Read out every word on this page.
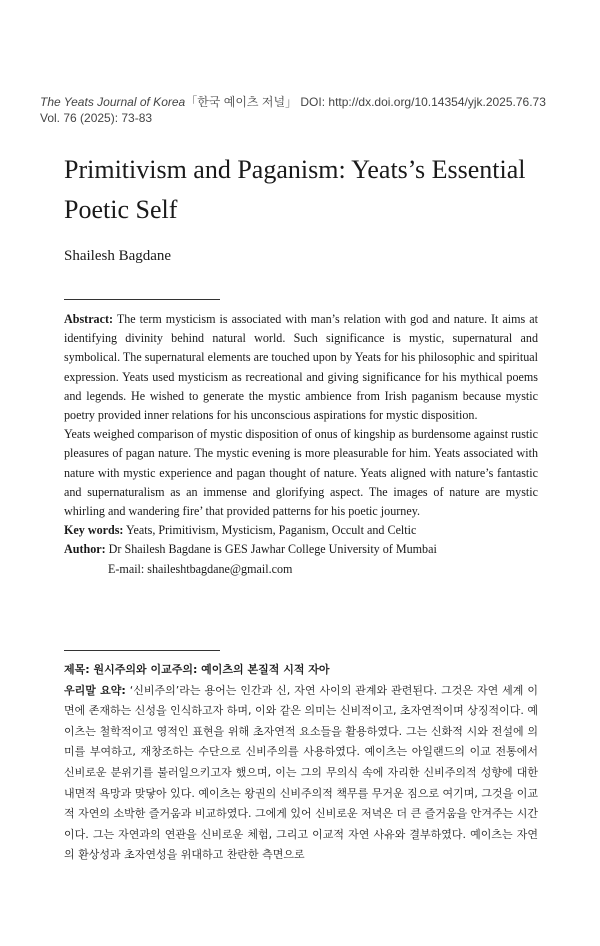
The Yeats Journal of Korea「한국 예이츠 저널」 DOI: http://dx.doi.org/10.14354/yjk.2025.76.73
Vol. 76 (2025): 73-83
Primitivism and Paganism: Yeats’s Essential Poetic Self
Shailesh Bagdane

Abstract: The term mysticism is associated with man’s relation with god and nature. It aims at identifying divinity behind natural world. Such significance is mystic, supernatural and symbolical. The supernatural elements are touched upon by Yeats for his philosophic and spiritual expression. Yeats used mysticism as recreational and giving significance for his mythical poems and legends. He wished to generate the mystic ambience from Irish paganism because mystic poetry provided inner relations for his unconscious aspirations for mystic disposition.

Yeats weighed comparison of mystic disposition of onus of kingship as burdensome against rustic pleasures of pagan nature. The mystic evening is more pleasurable for him. Yeats associated with nature with mystic experience and pagan thought of nature. Yeats aligned with nature’s fantastic and supernaturalism as an immense and glorifying aspect. The images of nature are mystic whirling and wandering fire’ that provided patterns for his poetic journey.

Key words: Yeats, Primitivism, Mysticism, Paganism, Occult and Celtic

Author: Dr Shailesh Bagdane is GES Jawhar College University of Mumbai

E-mail: shaileshtbagdane@gmail.com

제목: 원시주의와 이교주의: 예이츠의 본질적 시적 자아

우리말 요약: ‘신비주의’라는 용어는 인간과 신, 자연 사이의 관계와 관련된다. 그것은 자연 세계 이면에 존재하는 신성을 인식하고자 하며, 이와 같은 의미는 신비적이고, 초자연적이며 상징적이다. 예이츠는 철학적이고 영적인 표현을 위해 초자연적 요소들을 활용하였다. 그는 신화적 시와 전설에 의미를 부여하고, 재창조하는 수단으로 신비주의를 사용하였다. 예이츠는 아일랜드의 이교 전통에서 신비로운 분위기를 불러일으키고자 했으며, 이는 그의 무의식 속에 자리한 신비주의적 성향에 대한 내면적 욕망과 맞닿아 있다. 예이츠는 왕권의 신비주의적 책무를 무거운 짐으로 여기며, 그것을 이교적 자연의 소박한 즐거움과 비교하였다. 그에게 있어 신비로운 저녁은 더 큰 즐거움을 안겨주는 시간이다. 그는 자연과의 연관을 신비로운 체험, 그리고 이교적 자연 사유와 결부하였다. 예이츠는 자연의 환상성과 초자연성을 위대하고 찬란한 측면으로
